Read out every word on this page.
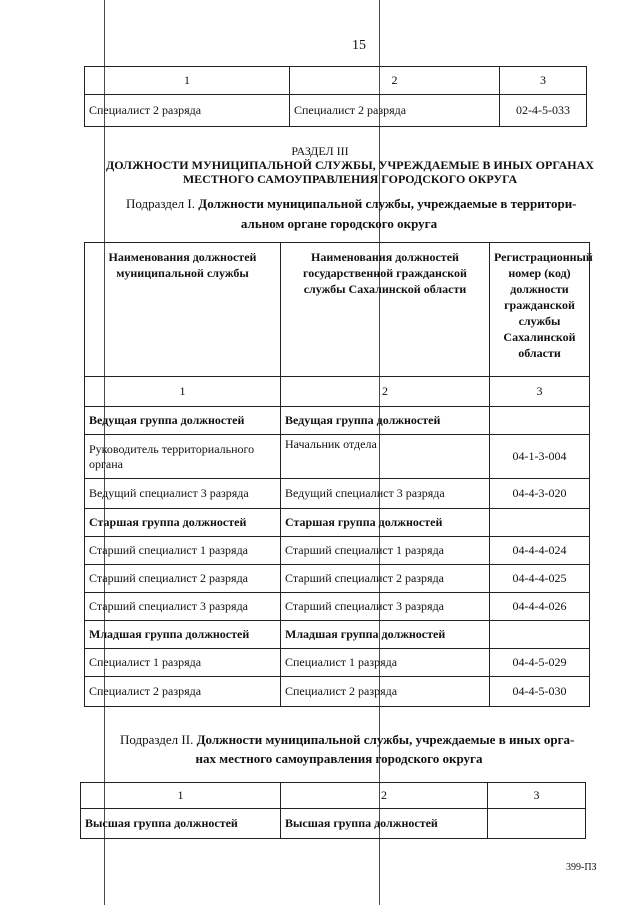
15
1	2	3
Специалист 2 разряда	Специалист 2 разряда	02-4-5-033
РАЗДЕЛ III
ДОЛЖНОСТИ МУНИЦИПАЛЬНОЙ СЛУЖБЫ, УЧРЕЖДАЕМЫЕ В ИНЫХ ОРГАНАХ
МЕСТНОГО САМОУПРАВЛЕНИЯ ГОРОДСКОГО ОКРУГА
Подраздел I. Должности муниципальной службы, учреждаемые в территори-
альном органе городского округа
Наименования должностей муниципальной службы	Наименования должностей государственной гражданской службы Сахалинской области	Регистрационный номер (код) должности гражданской службы Сахалинской области
1	2	3
Ведущая группа должностей	Ведущая группа должностей	
Руководитель территориального органа	Начальник отдела	04-1-3-004
Ведущий специалист 3 разряда	Ведущий специалист 3 разряда	04-4-3-020
Старшая группа должностей	Старшая группа должностей	
Старший специалист 1 разряда	Старший специалист 1 разряда	04-4-4-024
Старший специалист 2 разряда	Старший специалист 2 разряда	04-4-4-025
Старший специалист 3 разряда	Старший специалист 3 разряда	04-4-4-026
Младшая группа должностей	Младшая группа должностей	
Специалист 1 разряда	Специалист 1 разряда	04-4-5-029
Специалист 2 разряда	Специалист 2 разряда	04-4-5-030
Подраздел II. Должности муниципальной службы, учреждаемые в иных орга-
нах местного самоуправления городского округа
1	2	3
Высшая группа должностей	Высшая группа должностей	
399-ПЗ
